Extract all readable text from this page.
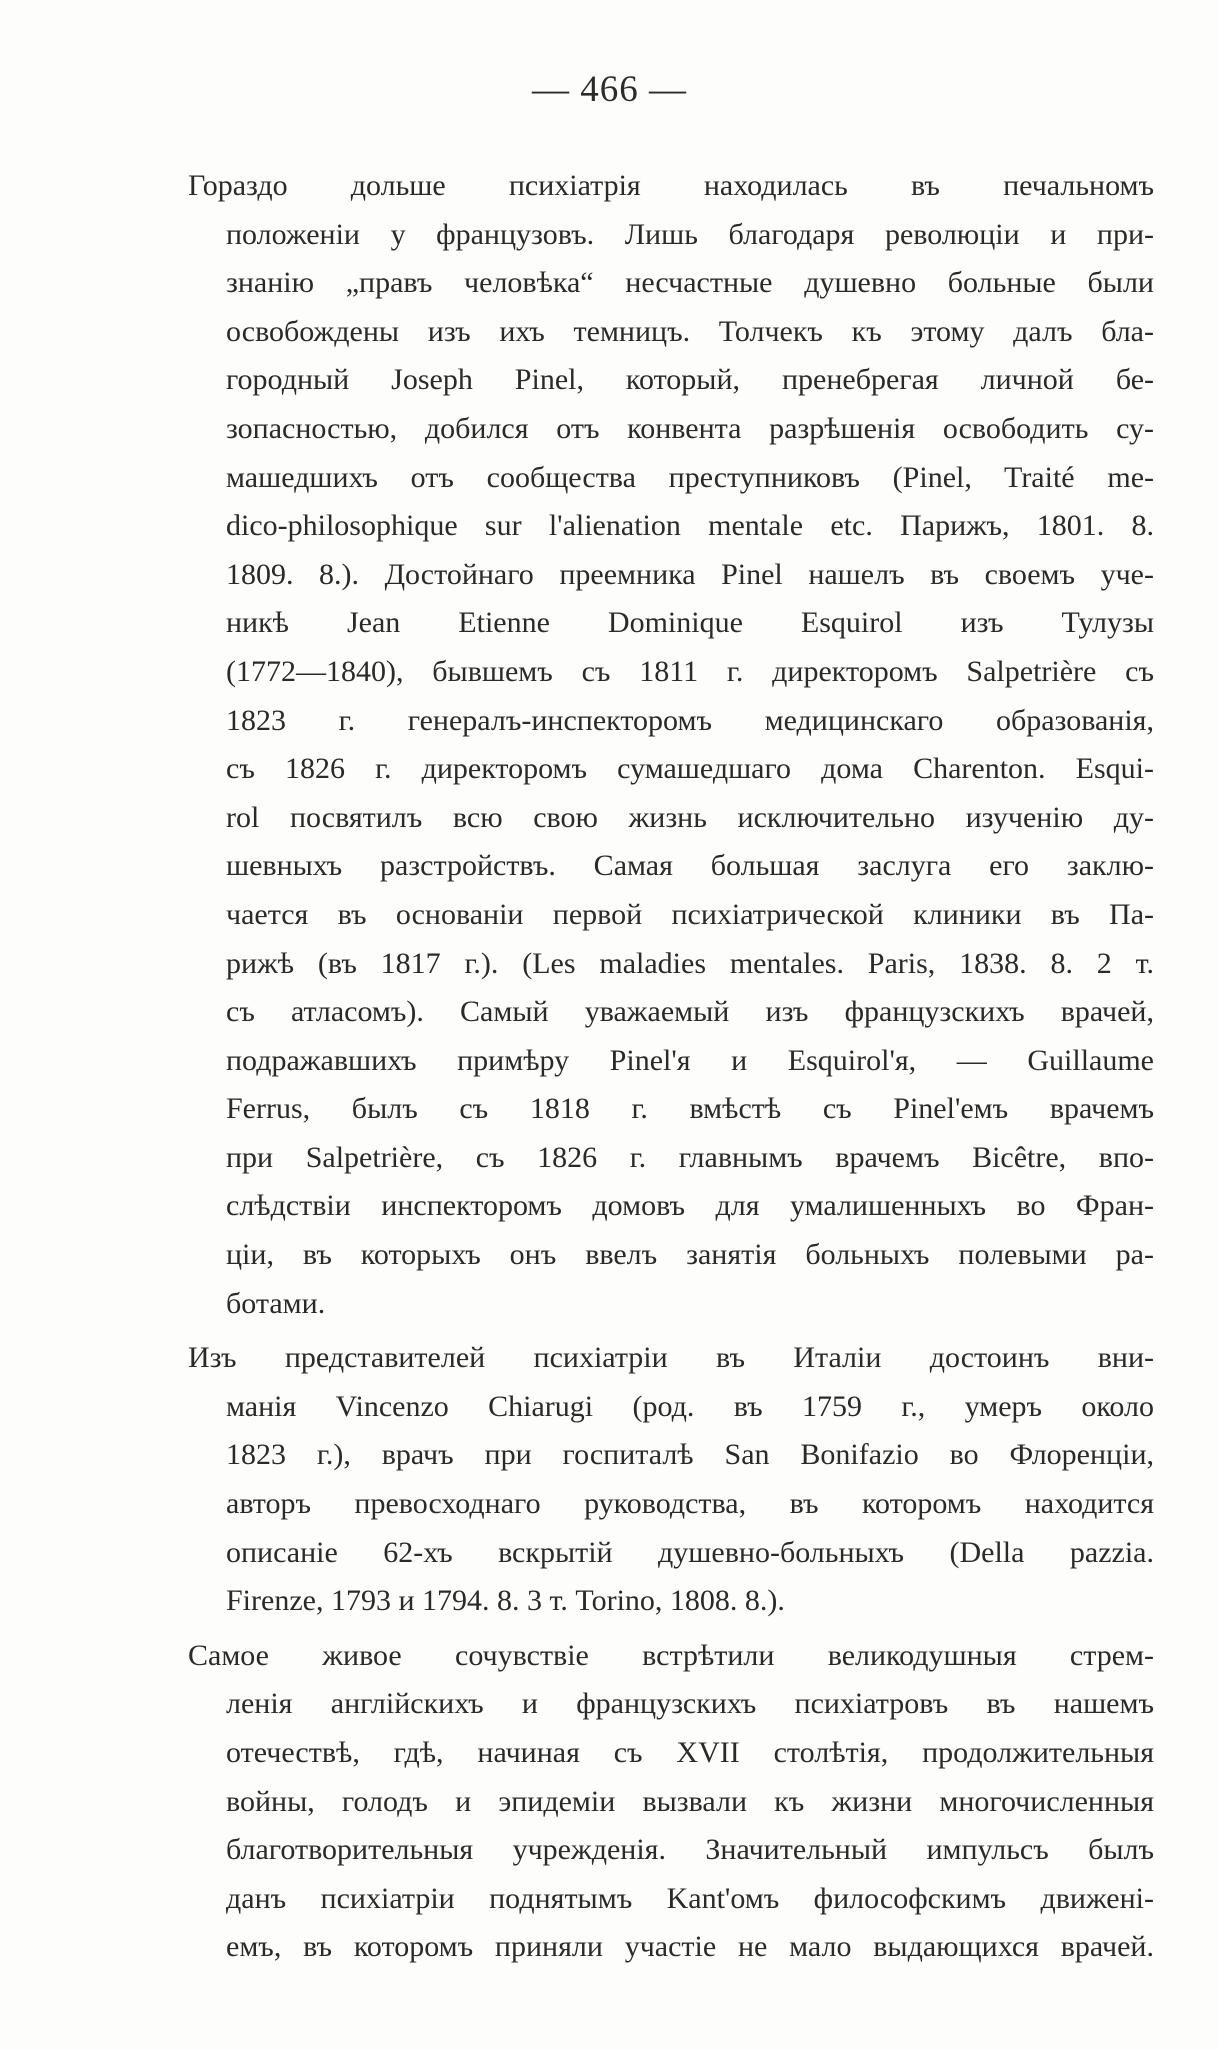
— 466 —
Гораздо дольше психіатрія находилась въ печальномъ
положеніи у французовъ. Лишь благодаря революціи и при-
знанію „правъ человѣка“ несчастные душевно больные были
освобождены изъ ихъ темницъ. Толчекъ къ этому далъ бла-
городный Joseph Pinel, который, пренебрегая личной бе-
зопасностью, добился отъ конвента разрѣшенія освободить су-
машедшихъ отъ сообщества преступниковъ (Pinel, Traité me-
dico-philosophique sur l'alienation mentale etc. Парижъ, 1801. 8.
1809. 8.). Достойнаго преемника Pinel нашелъ въ своемъ уче-
никѣ Jean Etienne Dominique Esquirol изъ Тулузы
(1772—1840), бывшемъ съ 1811 г. директоромъ Salpetrière съ
1823 г. генералъ-инспекторомъ медицинскаго образованія,
съ 1826 г. директоромъ сумашедшаго дома Charenton. Esqui-
rol посвятилъ всю свою жизнь исключительно изученію ду-
шевныхъ разстройствъ. Самая большая заслуга его заклю-
чается въ основаніи первой психіатрической клиники въ Па-
рижѣ (въ 1817 г.). (Les maladies mentales. Paris, 1838. 8. 2 т.
съ атласомъ). Самый уважаемый изъ французскихъ врачей,
подражавшихъ примѣру Pinel'я и Esquirol'я, — Guillaume
Ferrus, былъ съ 1818 г. вмѣстѣ съ Pinel'емъ врачемъ
при Salpetrière, съ 1826 г. главнымъ врачемъ Bicêtre, впо-
слѣдствіи инспекторомъ домовъ для умалишенныхъ во Фран-
ціи, въ которыхъ онъ ввелъ занятія больныхъ полевыми ра-
ботами.
Изъ представителей психіатріи въ Италіи достоинъ вни-
манія Vincenzo Chiarugi (род. въ 1759 г., умеръ около
1823 г.), врачъ при госпиталѣ San Bonifazio во Флоренціи,
авторъ превосходнаго руководства, въ которомъ находится
описаніе 62-хъ вскрытій душевно-больныхъ (Della pazzia.
Firenze, 1793 и 1794. 8. 3 т. Torino, 1808. 8.).
Самое живое сочувствіе встрѣтили великодушныя стрем-
ленія англійскихъ и французскихъ психіатровъ въ нашемъ
отечествѣ, гдѣ, начиная съ XVII столѣтія, продолжительныя
войны, голодъ и эпидеміи вызвали къ жизни многочисленныя
благотворительныя учрежденія. Значительный импульсъ былъ
данъ психіатріи поднятымъ Kant'омъ философскимъ движені-
емъ, въ которомъ приняли участіе не мало выдающихся врачей.
